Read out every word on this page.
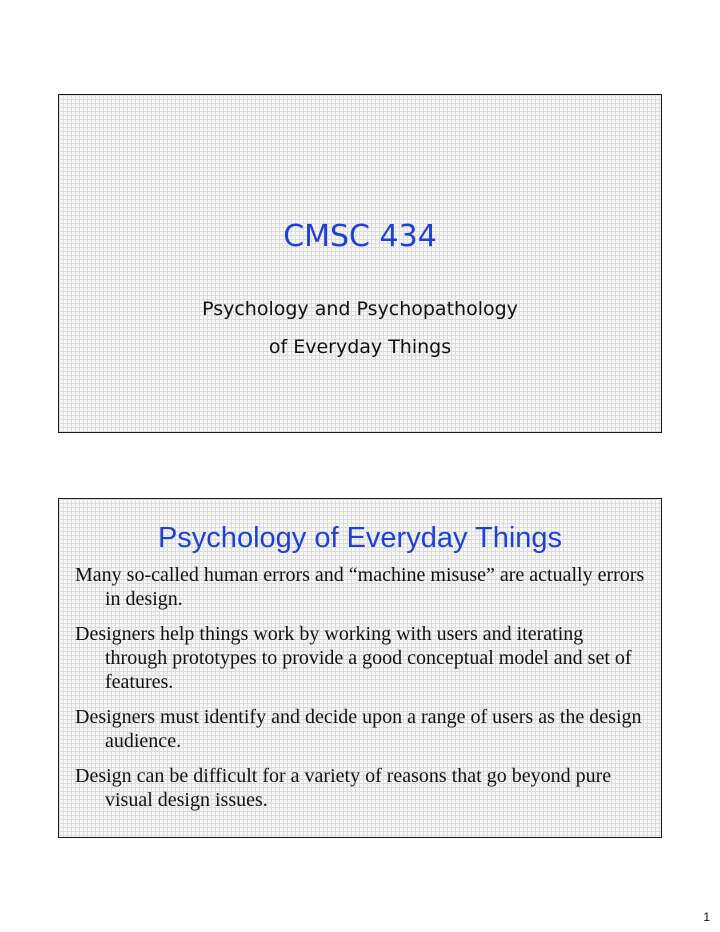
CMSC 434
Psychology and Psychopathology
of Everyday Things
Psychology of Everyday Things
Many so-called human errors and “machine misuse” are actually errors in design.
Designers help things work by working with users and iterating through prototypes to provide a good conceptual model and set of features.
Designers must identify and decide upon a range of users as the design audience.
Design can be difficult for a variety of reasons that go beyond pure visual design issues.
1
